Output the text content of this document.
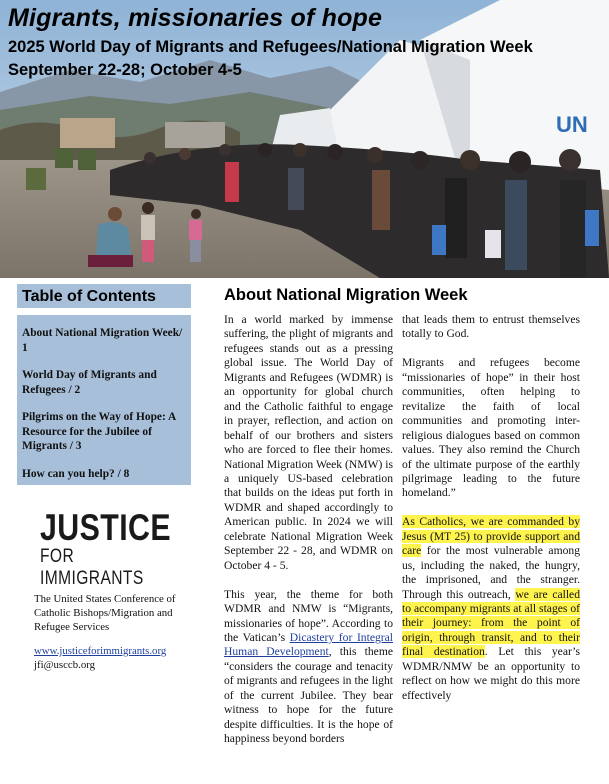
UN
Migrants, missionaries of hope
2025 World Day of Migrants and Refugees/National Migration Week
September 22-28; October 4-5
Table of Contents
About National Migration Week/ 1
World Day of Migrants and Refugees / 2
Pilgrims on the Way of Hope: A Resource for the Jubilee of Migrants / 3
How can you help? / 8
JUSTICE
FOR IMMIGRANTS
The United States Conference of Catholic Bishops/Migration and Refugee Services
www.justiceforimmigrants.org
jfi@usccb.org
About National Migration Week

In a world marked by immense suffering, the plight of migrants and refugees stands out as a pressing global issue. The World Day of Migrants and Refugees (WDMR) is an opportunity for global church and the Catholic faithful to engage in prayer, reflection, and action on behalf of our brothers and sisters who are forced to flee their homes. National Migration Week (NMW) is a uniquely US-based celebration that builds on the ideas put forth in WDMR and shaped accordingly to American public. In 2024 we will celebrate National Migration Week September 22 - 28, and WDMR on October 4 - 5.

This year, the theme for both WDMR and NMW is “Migrants, missionaries of hope”. According to the Vatican’s Dicastery for Integral Human Development, this theme “considers the courage and tenacity of migrants and refugees in the light of the current Jubilee. They bear witness to hope for the future despite difficulties. It is the hope of happiness beyond borders

that leads them to entrust themselves totally to God.

Migrants and refugees become “missionaries of hope” in their host communities, often helping to revitalize the faith of local communities and promoting inter-religious dialogues based on common values. They also remind the Church of the ultimate purpose of the earthly pilgrimage leading to the future homeland.”

As Catholics, we are commanded by Jesus (MT 25) to provide support and care for the most vulnerable among us, including the naked, the hungry, the imprisoned, and the stranger. Through this outreach, we are called to accompany migrants at all stages of their journey: from the point of origin, through transit, and to their final destination. Let this year’s WDMR/NMW be an opportunity to reflect on how we might do this more effectively
